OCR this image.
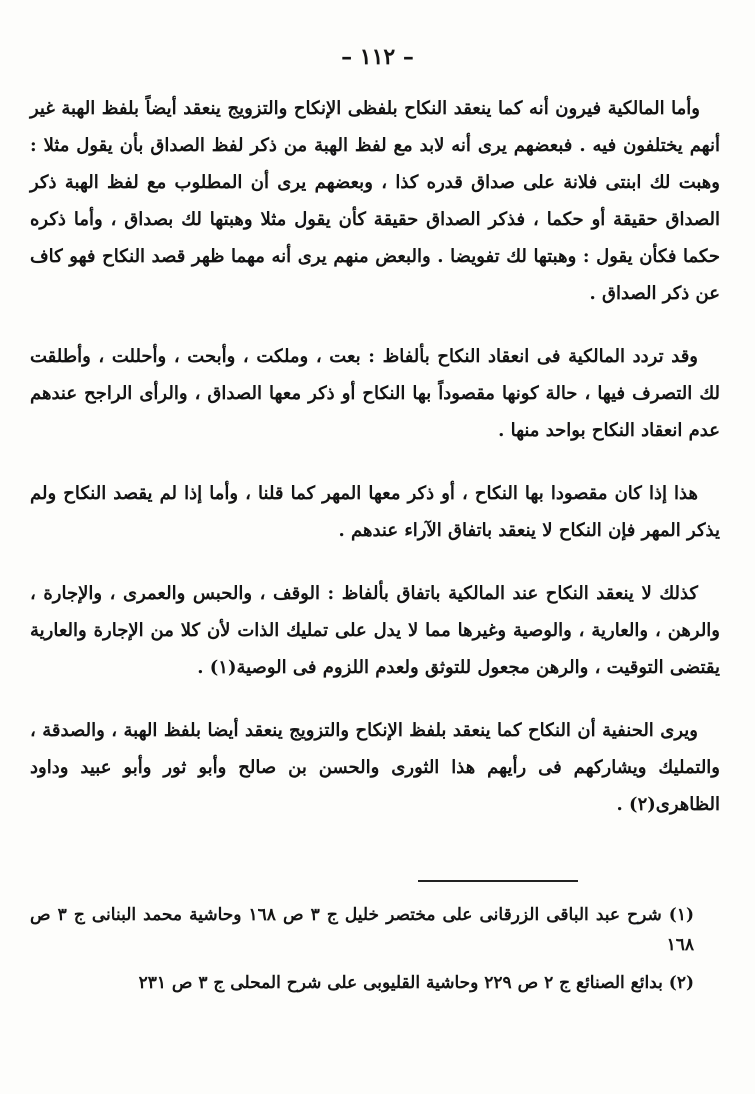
– ١١٢ –

وأما المالكية فيرون أنه كما ينعقد النكاح بلفظى الإنكاح والتزويج ينعقد أيضاً بلفظ الهبة غير أنهم يختلفون فيه . فبعضهم يرى أنه لابد مع لفظ الهبة من ذكر لفظ الصداق بأن يقول مثلا : وهبت لك ابنتى فلانة على صداق قدره كذا ، وبعضهم يرى أن المطلوب مع لفظ الهبة ذكر الصداق حقيقة أو حكما ، فذكر الصداق حقيقة كأن يقول مثلا وهبتها لك بصداق ، وأما ذكره حكما فكأن يقول : وهبتها لك تفويضا . والبعض منهم يرى أنه مهما ظهر قصد النكاح فهو كاف عن ذكر الصداق .

وقد تردد المالكية فى انعقاد النكاح بألفاظ : بعت ، وملكت ، وأبحت ، وأحللت ، وأطلقت لك التصرف فيها ، حالة كونها مقصوداً بها النكاح أو ذكر معها الصداق ، والرأى الراجح عندهم عدم انعقاد النكاح بواحد منها .

هذا إذا كان مقصودا بها النكاح ، أو ذكر معها المهر كما قلنا ، وأما إذا لم يقصد النكاح ولم يذكر المهر فإن النكاح لا ينعقد باتفاق الآراء عندهم .

كذلك لا ينعقد النكاح عند المالكية باتفاق بألفاظ : الوقف ، والحبس والعمرى ، والإجارة ، والرهن ، والعارية ، والوصية وغيرها مما لا يدل على تمليك الذات لأن كلا من الإجارة والعارية يقتضى التوقيت ، والرهن مجعول للتوثق ولعدم اللزوم فى الوصية(١) .

ويرى الحنفية أن النكاح كما ينعقد بلفظ الإنكاح والتزويج ينعقد أيضا بلفظ الهبة ، والصدقة ، والتمليك ويشاركهم فى رأيهم هذا الثورى والحسن بن صالح وأبو ثور وأبو عبيد وداود الظاهرى(٢) .

(١) شرح عبد الباقى الزرقانى على مختصر خليل ج ٣ ص ١٦٨ وحاشية محمد البنانى ج ٣ ص ١٦٨

(٢) بدائع الصنائع ج ٢ ص ٢٢٩ وحاشية القليوبى على شرح المحلى ج ٣ ص ٢٣١
